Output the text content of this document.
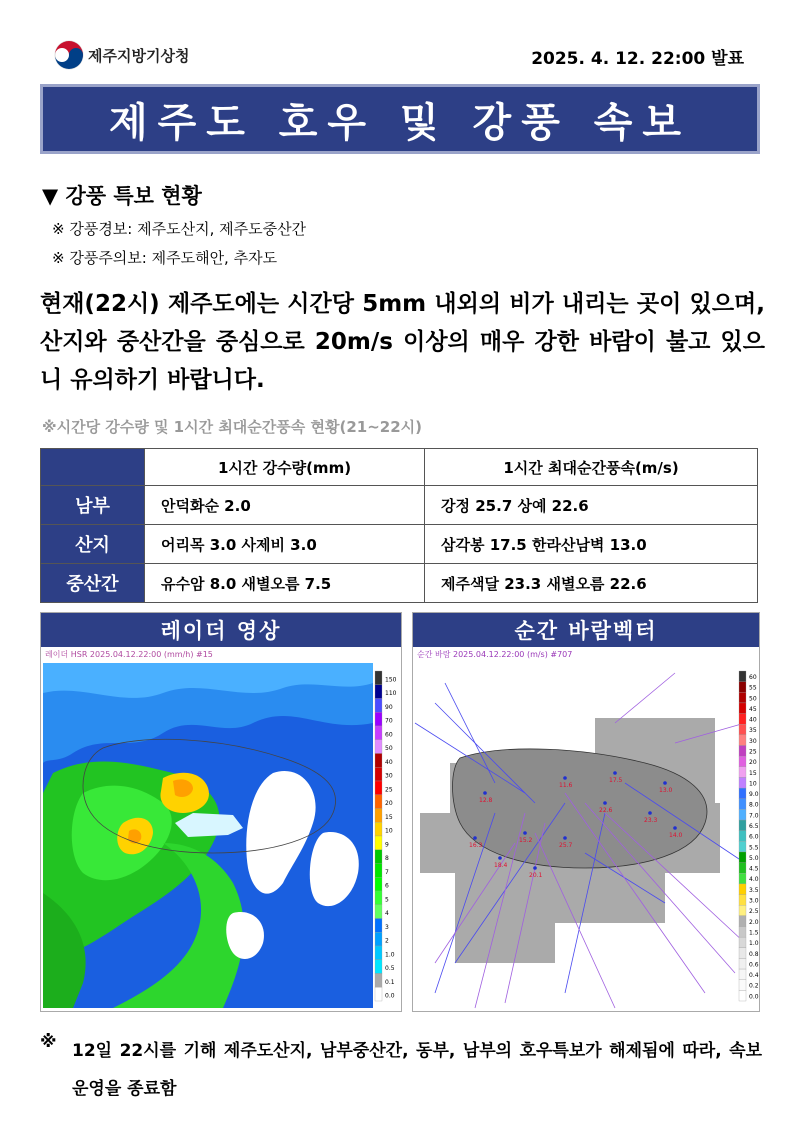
제주지방기상청	2025. 4. 12. 22:00 발표
제주도 호우 및 강풍 속보
▼ 강풍 특보 현황
※ 강풍경보: 제주도산지, 제주도중산간
※ 강풍주의보: 제주도해안, 추자도
현재(22시) 제주도에는 시간당 5mm 내외의 비가 내리는 곳이 있으며, 산지와 중산간을 중심으로 20m/s 이상의 매우 강한 바람이 불고 있으니 유의하기 바랍니다.
※시간당 강수량 및 1시간 최대순간풍속 현황(21~22시)
	1시간 강수량(mm)	1시간 최대순간풍속(m/s)
남부	안덕화순 2.0	강정 25.7 상예 22.6
산지	어리목 3.0 사제비 3.0	삼각봉 17.5 한라산남벽 13.0
중산간	유수암 8.0 새별오름 7.5	제주색달 23.3 새별오름 22.6
레이더 영상
레이더 HSR 2025.04.12.22:00 (mm/h) #15
150
110
90
70
60
50
40
30
25
20
15
10
9
8
7
6
5
4
3
2
1.0
0.5
0.1
0.0
순간 바람벡터
순간 바람 2025.04.12.22:00 (m/s) #707
17.5
13.0
23.3
22.6
25.7
15.2
12.8
18.4
11.6
14.0
16.3
20.1
60
55
50
45
40
35
30
25
20
15
10
9.0
8.0
7.0
6.5
6.0
5.5
5.0
4.5
4.0
3.5
3.0
2.5
2.0
1.5
1.0
0.8
0.6
0.4
0.2
0.0
※ 12일 22시를 기해 제주도산지, 남부중산간, 동부, 남부의 호우특보가 해제됨에 따라, 속보 운영을 종료함
